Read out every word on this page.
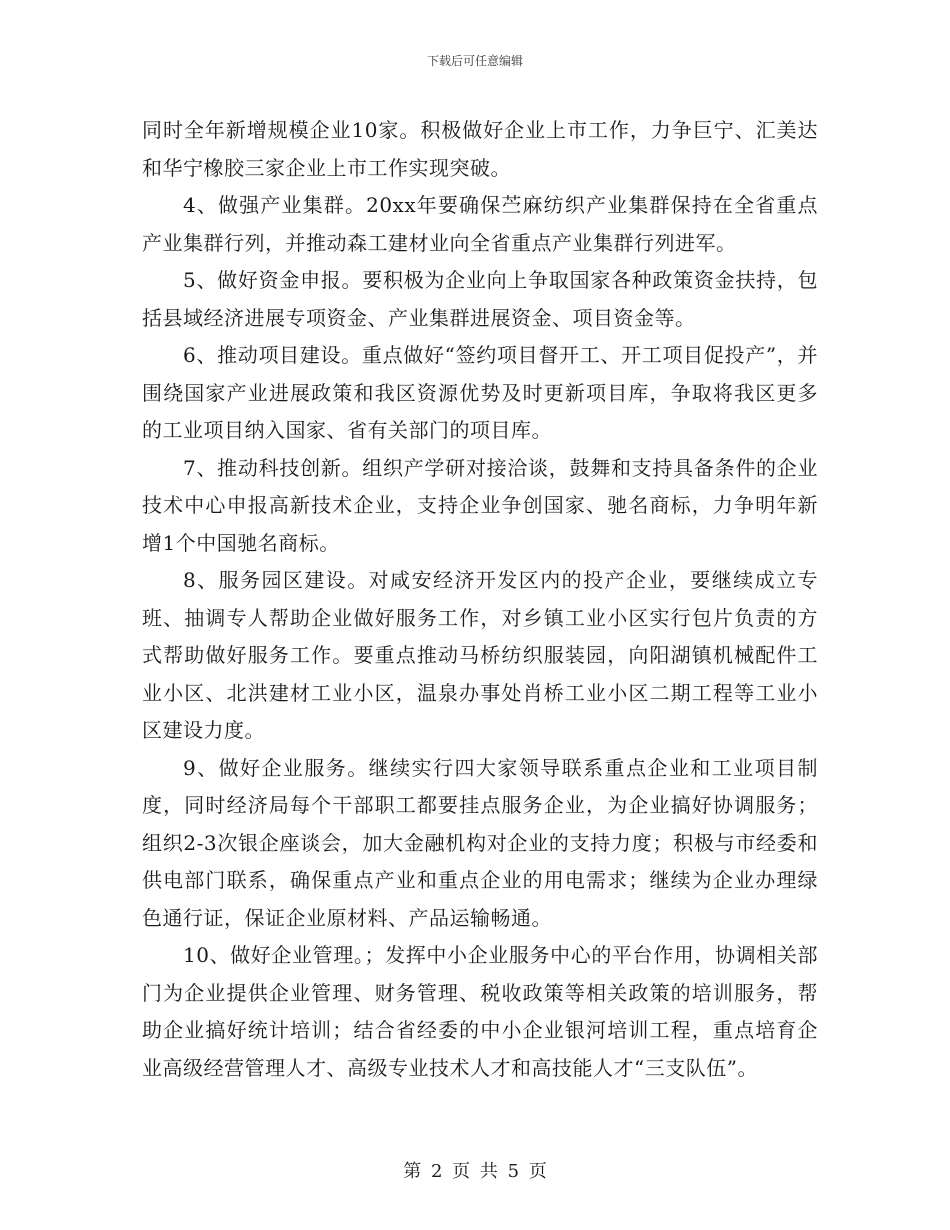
下载后可任意编辑

同时全年新增规模企业10家。积极做好企业上市工作，力争巨宁、汇美达和华宁橡胶三家企业上市工作实现突破。

4、做强产业集群。20xx年要确保苎麻纺织产业集群保持在全省重点产业集群行列，并推动森工建材业向全省重点产业集群行列进军。

5、做好资金申报。要积极为企业向上争取国家各种政策资金扶持，包括县域经济进展专项资金、产业集群进展资金、项目资金等。

6、推动项目建设。重点做好“签约项目督开工、开工项目促投产”，并围绕国家产业进展政策和我区资源优势及时更新项目库，争取将我区更多的工业项目纳入国家、省有关部门的项目库。

7、推动科技创新。组织产学研对接洽谈，鼓舞和支持具备条件的企业技术中心申报高新技术企业，支持企业争创国家、驰名商标，力争明年新增1个中国驰名商标。

8、服务园区建设。对咸安经济开发区内的投产企业，要继续成立专班、抽调专人帮助企业做好服务工作，对乡镇工业小区实行包片负责的方式帮助做好服务工作。要重点推动马桥纺织服装园，向阳湖镇机械配件工业小区、北洪建材工业小区，温泉办事处肖桥工业小区二期工程等工业小区建设力度。

9、做好企业服务。继续实行四大家领导联系重点企业和工业项目制度，同时经济局每个干部职工都要挂点服务企业，为企业搞好协调服务；组织2-3次银企座谈会，加大金融机构对企业的支持力度；积极与市经委和供电部门联系，确保重点产业和重点企业的用电需求；继续为企业办理绿色通行证，保证企业原材料、产品运输畅通。

10、做好企业管理。；发挥中小企业服务中心的平台作用，协调相关部门为企业提供企业管理、财务管理、税收政策等相关政策的培训服务，帮助企业搞好统计培训；结合省经委的中小企业银河培训工程，重点培育企业高级经营管理人才、高级专业技术人才和高技能人才“三支队伍”。

第 2 页 共 5 页
